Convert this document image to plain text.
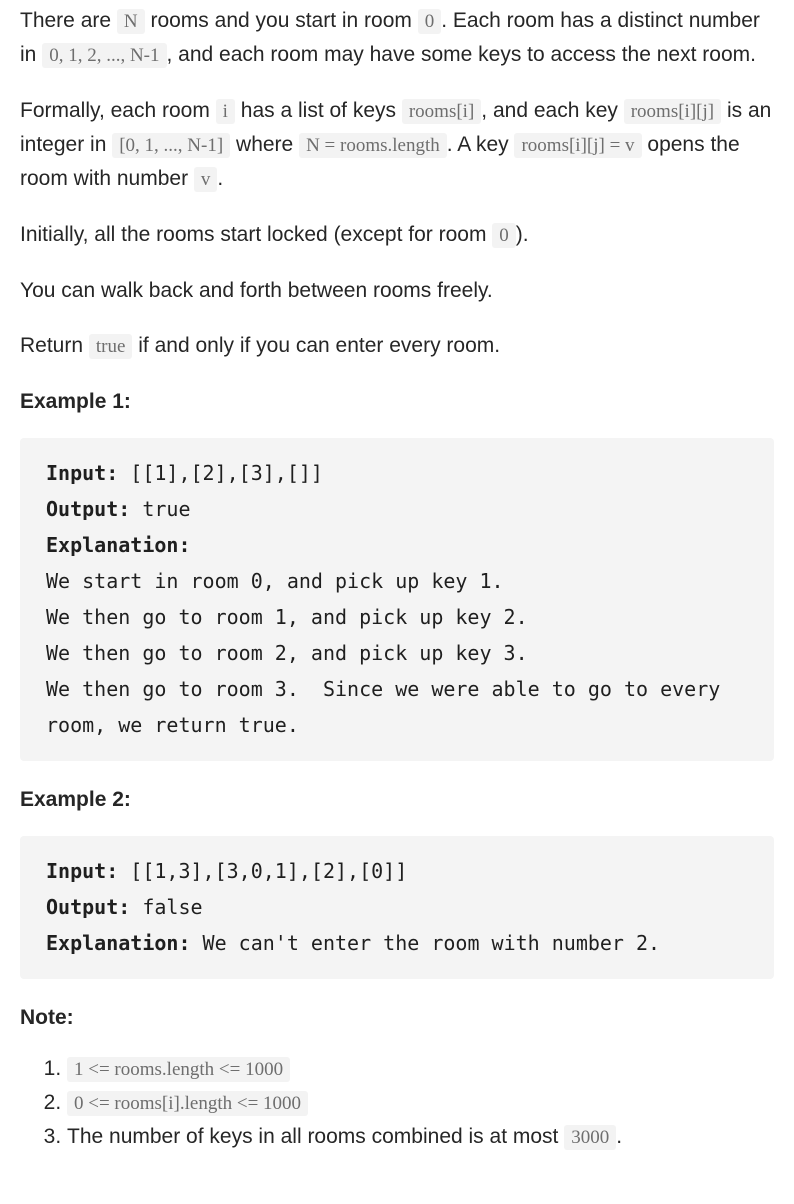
There are N rooms and you start in room 0 . Each room has a distinct number in 0, 1, 2, ..., N-1 , and each room may have some keys to access the next room.

Formally, each room i has a list of keys rooms[i] , and each key rooms[i][j] is an integer in [0, 1, ..., N-1] where N = rooms.length . A key rooms[i][j] = v opens the room with number v .

Initially, all the rooms start locked (except for room 0 ).

You can walk back and forth between rooms freely.

Return true if and only if you can enter every room.

Example 1:

Input: [[1],[2],[3],[]]
Output: true
Explanation:
We start in room 0, and pick up key 1.
We then go to room 1, and pick up key 2.
We then go to room 2, and pick up key 3.
We then go to room 3.  Since we were able to go to every room, we return true.

Example 2:

Input: [[1,3],[3,0,1],[2],[0]]
Output: false
Explanation: We can't enter the room with number 2.

Note:

1. 1 <= rooms.length <= 1000
2. 0 <= rooms[i].length <= 1000
3. The number of keys in all rooms combined is at most 3000 .
